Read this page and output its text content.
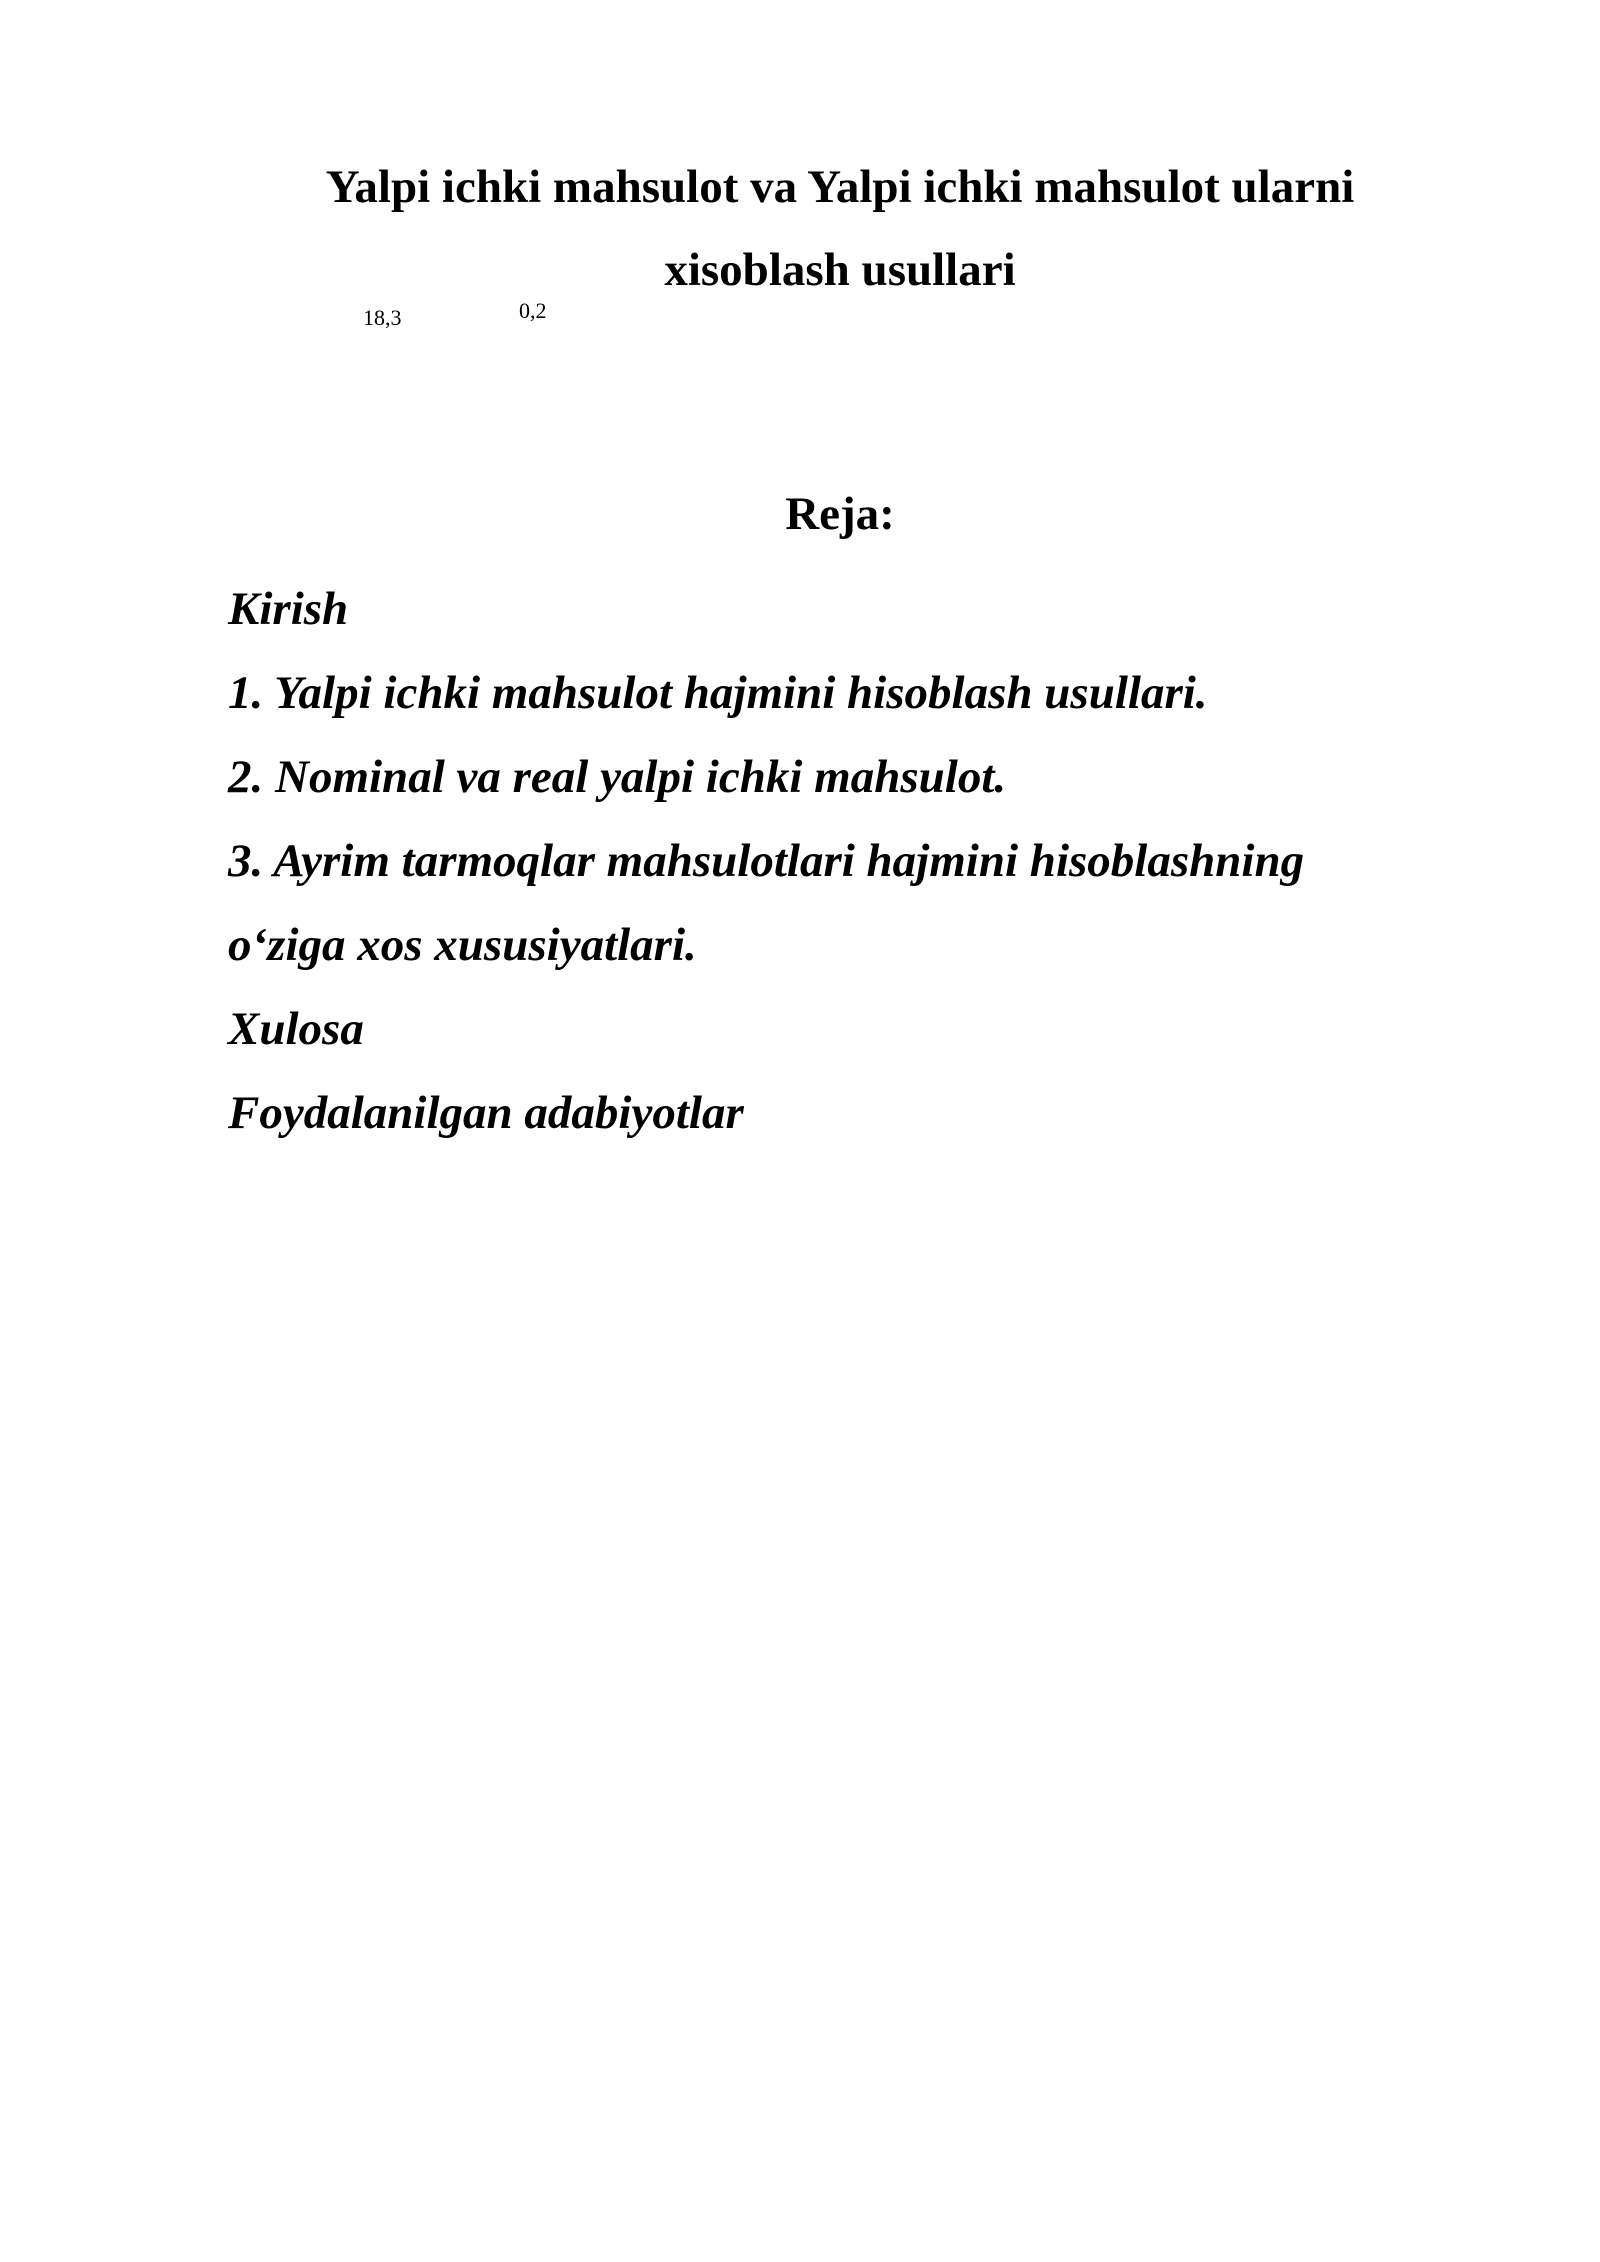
Yalpi ichki mahsulot va Yalpi ichki mahsulot ularni
xisoblash usullari
18,3	0,2
Reja:
Kirish
1. Yalpi ichki mahsulot hajmini hisoblash usullari.
2. Nominal va real yalpi ichki mahsulot.
3. Ayrim tarmoqlar mahsulotlari hajmini hisoblashning
o‘ziga xos xususiyatlari.
Xulosa
Foydalanilgan adabiyotlar
